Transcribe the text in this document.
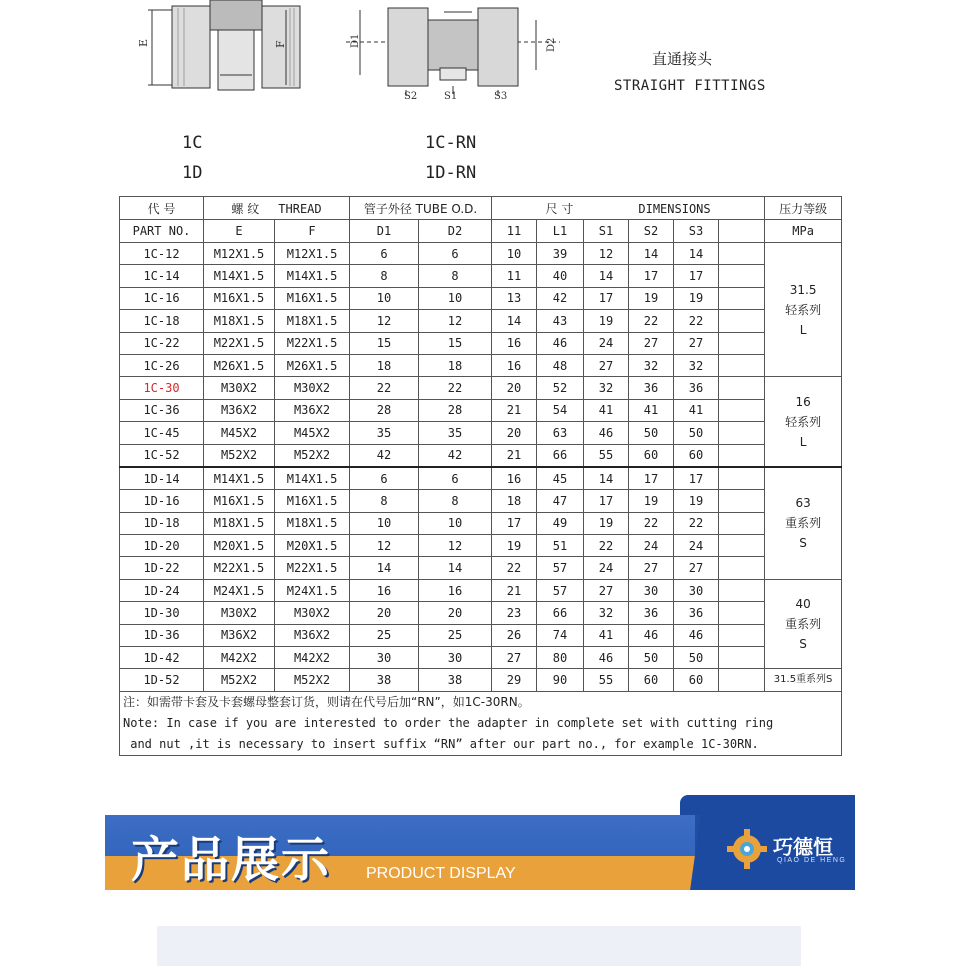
E	F	D1	D2
S2	S1	S3
直通接头
STRAIGHT FITTINGS
1C
1D
1C-RN
1D-RN
代 号	螺 纹 THREAD		管子外径 TUBE O.D.		尺 寸 DIMENSIONS						压力等级
PART NO.	E	F	D1	D2	11	L1	S1	S2	S3		MPa
1C-12	M12X1.5	M12X1.5	6	6	10	39	12	14	14		31.5
轻系列
L

1C-14	M14X1.5	M14X1.5	8	8	11	40	14	17	17		
1C-16	M16X1.5	M16X1.5	10	10	13	42	17	19	19		
1C-18	M18X1.5	M18X1.5	12	12	14	43	19	22	22		
1C-22	M22X1.5	M22X1.5	15	15	16	46	24	27	27		
1C-26	M26X1.5	M26X1.5	18	18	16	48	27	32	32		
1C-30	M30X2	M30X2	22	22	20	52	32	36	36		16
轻系列
L

1C-36	M36X2	M36X2	28	28	21	54	41	41	41		
1C-45	M45X2	M45X2	35	35	20	63	46	50	50		
1C-52	M52X2	M52X2	42	42	21	66	55	60	60		
1D-14	M14X1.5	M14X1.5	6	6	16	45	14	17	17		63
重系列
S

1D-16	M16X1.5	M16X1.5	8	8	18	47	17	19	19		
1D-18	M18X1.5	M18X1.5	10	10	17	49	19	22	22		
1D-20	M20X1.5	M20X1.5	12	12	19	51	22	24	24		
1D-22	M22X1.5	M22X1.5	14	14	22	57	24	27	27		
1D-24	M24X1.5	M24X1.5	16	16	21	57	27	30	30		40
重系列
S

1D-30	M30X2	M30X2	20	20	23	66	32	36	36		
1D-36	M36X2	M36X2	25	25	26	74	41	46	46		
1D-42	M42X2	M42X2	30	30	27	80	46	50	50		
1D-52	M52X2	M52X2	38	38	29	90	55	60	60		31.5重系列S

注：如需带卡套及卡套螺母整套订货，则请在代号后加“RN”，如1C-30RN。
Note: In case if you are interested to order the adapter in complete set with cutting ring
and nut ,it is necessary to insert suffix “RN” after our part no., for example 1C-30RN.											
产品展示 PRODUCT DISPLAY
巧德恒
QIAO DE HENG
